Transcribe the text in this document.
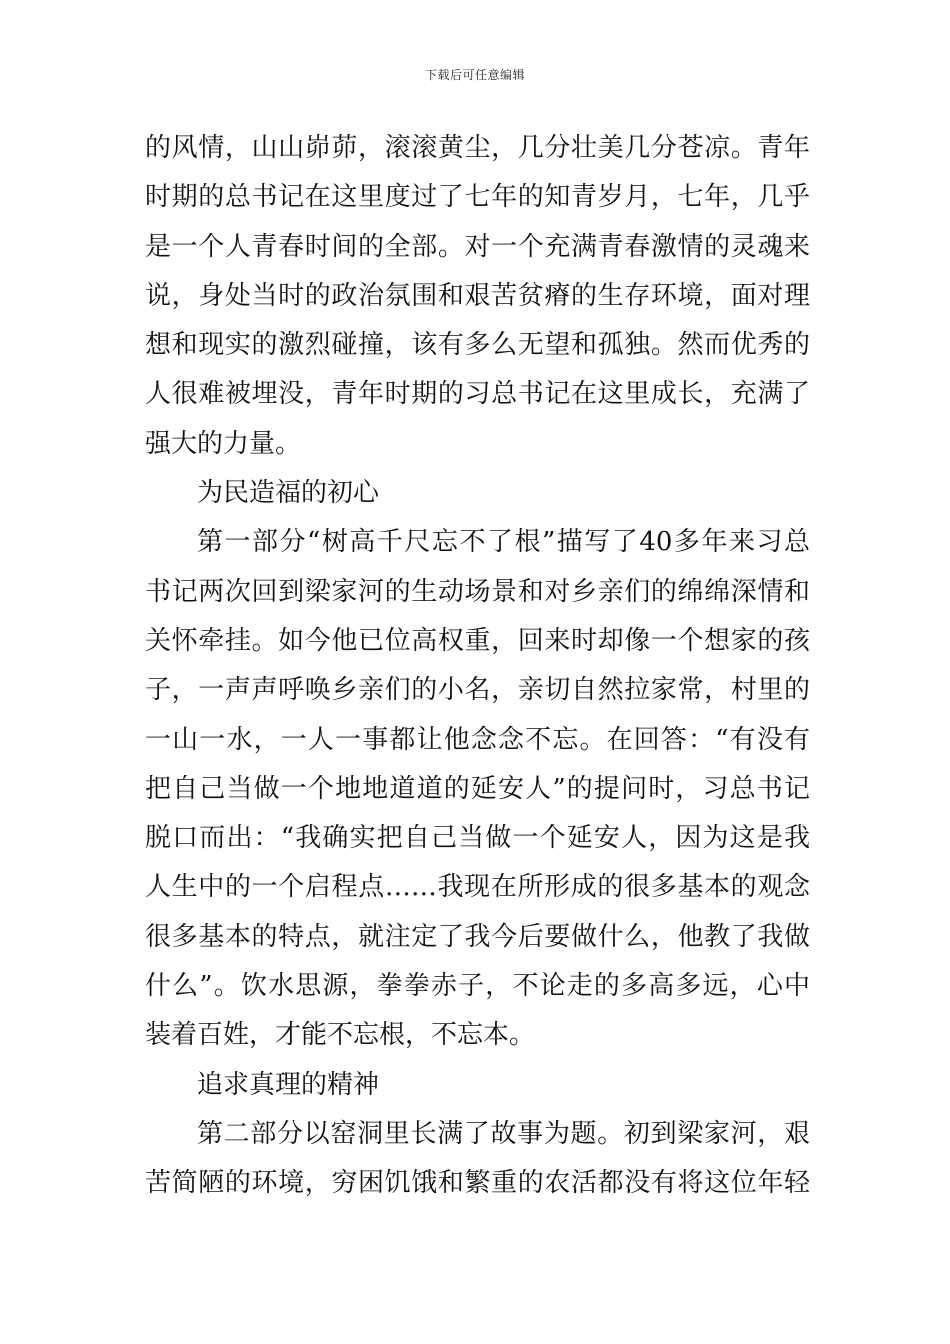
下载后可任意编辑
的风情，山山峁茆，滚滚黄尘，几分壮美几分苍凉。青年
时期的总书记在这里度过了七年的知青岁月，七年，几乎
是一个人青春时间的全部。对一个充满青春激情的灵魂来
说，身处当时的政治氛围和艰苦贫瘠的生存环境，面对理
想和现实的激烈碰撞，该有多么无望和孤独。然而优秀的
人很难被埋没，青年时期的习总书记在这里成长，充满了
强大的力量。
为民造福的初心
第一部分“树高千尺忘不了根”描写了40多年来习总
书记两次回到梁家河的生动场景和对乡亲们的绵绵深情和
关怀牵挂。如今他已位高权重，回来时却像一个想家的孩
子，一声声呼唤乡亲们的小名，亲切自然拉家常，村里的
一山一水，一人一事都让他念念不忘。在回答：“有没有
把自己当做一个地地道道的延安人”的提问时，习总书记
脱口而出：“我确实把自己当做一个延安人，因为这是我
人生中的一个启程点……我现在所形成的很多基本的观念
很多基本的特点，就注定了我今后要做什么，他教了我做
什么”。饮水思源，拳拳赤子，不论走的多高多远，心中
装着百姓，才能不忘根，不忘本。
追求真理的精神
第二部分以窑洞里长满了故事为题。初到梁家河，艰
苦简陋的环境，穷困饥饿和繁重的农活都没有将这位年轻
